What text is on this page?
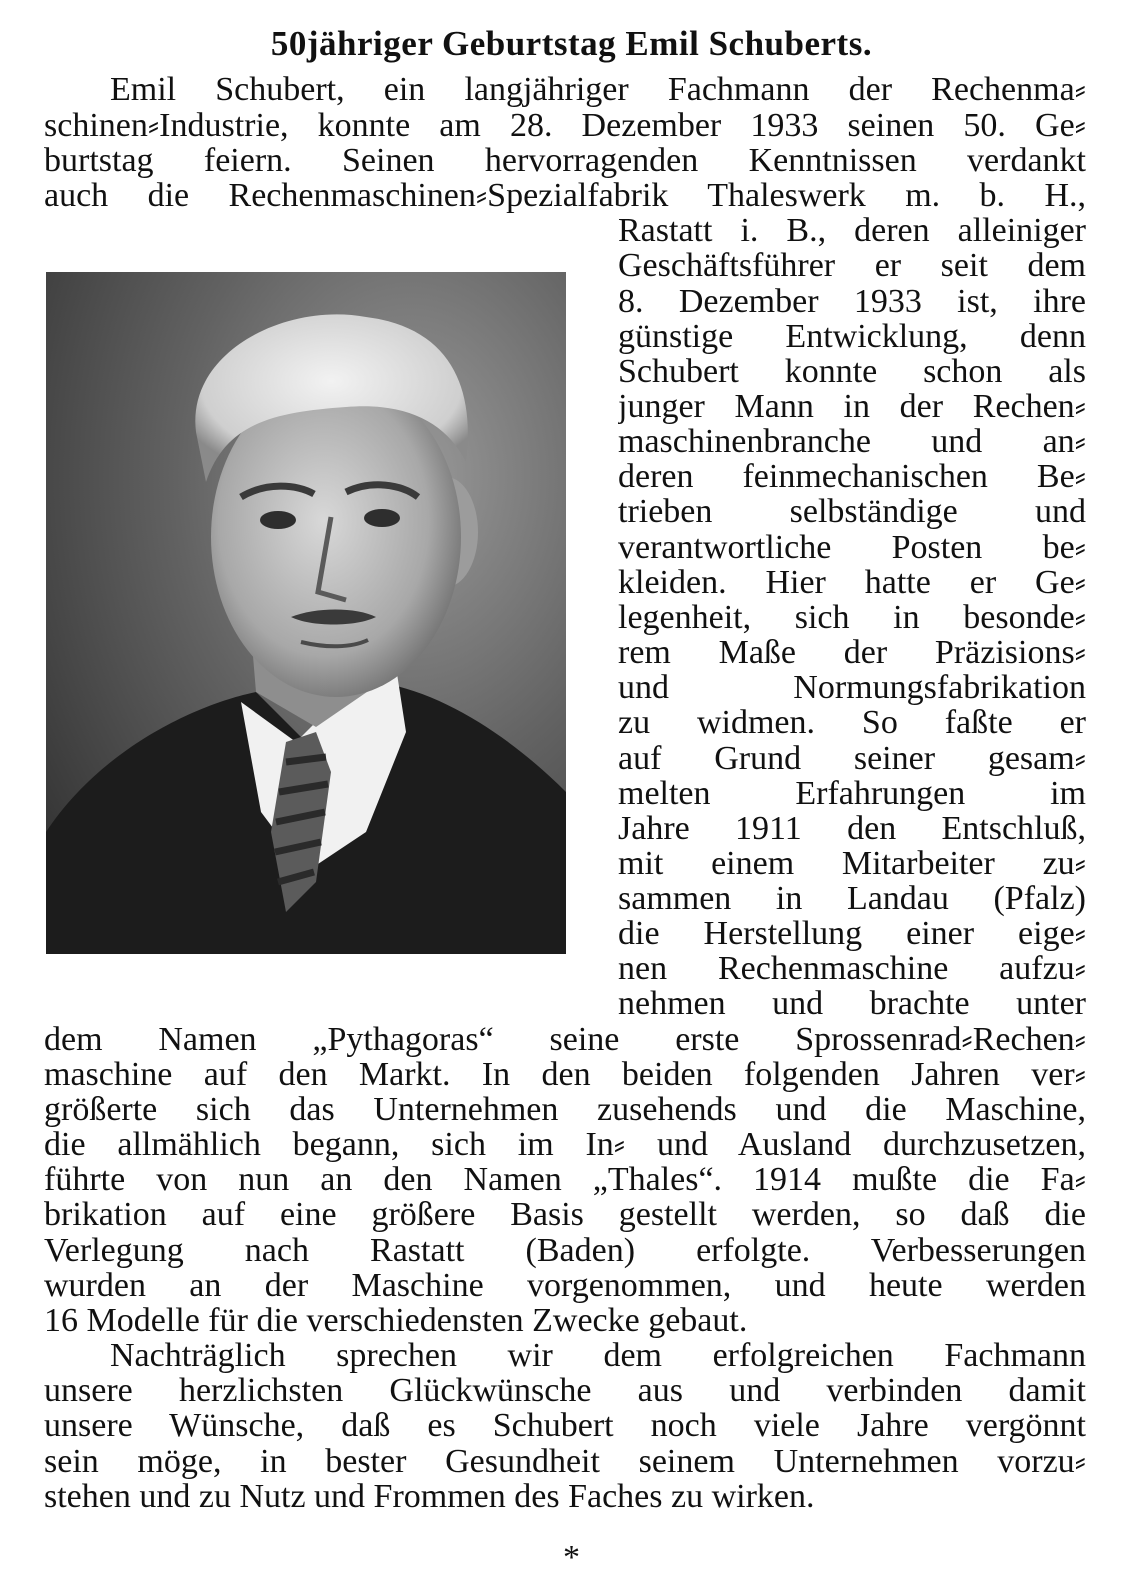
50jähriger Geburtstag Emil Schuberts.
Emil Schubert, ein langjähriger Fachmann der Rechenma⸗
schinen⸗Industrie, konnte am 28. Dezember 1933 seinen 50. Ge⸗
burtstag feiern. Seinen hervorragenden Kenntnissen verdankt
auch die Rechenmaschinen⸗Spezialfabrik Thaleswerk m. b. H.,
Rastatt i. B., deren alleiniger
Geschäftsführer er seit dem
8. Dezember 1933 ist, ihre
günstige Entwicklung, denn
Schubert konnte schon als
junger Mann in der Rechen⸗
maschinenbranche und an⸗
deren feinmechanischen Be⸗
trieben selbständige und
verantwortliche Posten be⸗
kleiden. Hier hatte er Ge⸗
legenheit, sich in besonde⸗
rem Maße der Präzisions⸗
und Normungsfabrikation
zu widmen. So faßte er
auf Grund seiner gesam⸗
melten Erfahrungen im
Jahre 1911 den Entschluß,
mit einem Mitarbeiter zu⸗
sammen in Landau (Pfalz)
die Herstellung einer eige⸗
nen Rechenmaschine aufzu⸗
nehmen und brachte unter
dem Namen „Pythagoras“ seine erste Sprossenrad⸗Rechen⸗
maschine auf den Markt. In den beiden folgenden Jahren ver⸗
größerte sich das Unternehmen zusehends und die Maschine,
die allmählich begann, sich im In⸗ und Ausland durchzusetzen,
führte von nun an den Namen „Thales“. 1914 mußte die Fa⸗
brikation auf eine größere Basis gestellt werden, so daß die
Verlegung nach Rastatt (Baden) erfolgte. Verbesserungen
wurden an der Maschine vorgenommen, und heute werden
16 Modelle für die verschiedensten Zwecke gebaut.
Nachträglich sprechen wir dem erfolgreichen Fachmann
unsere herzlichsten Glückwünsche aus und verbinden damit
unsere Wünsche, daß es Schubert noch viele Jahre vergönnt
sein möge, in bester Gesundheit seinem Unternehmen vorzu⸗
stehen und zu Nutz und Frommen des Faches zu wirken.
*
